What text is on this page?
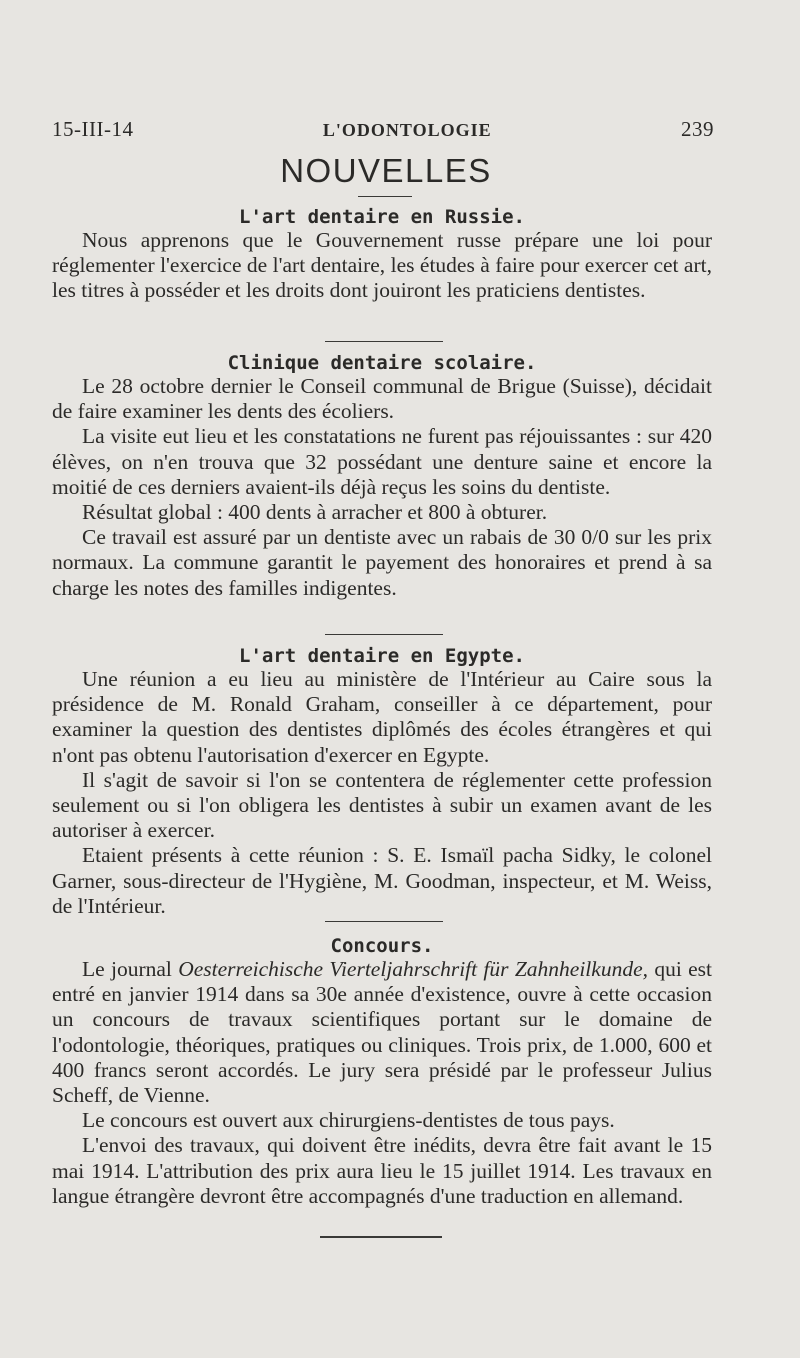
15-III-14	L'ODONTOLOGIE	239
NOUVELLES
L'art dentaire en Russie.

Nous apprenons que le Gouvernement russe prépare une loi pour réglementer l'exercice de l'art dentaire, les études à faire pour exercer cet art, les titres à posséder et les droits dont jouiront les praticiens dentistes.

Clinique dentaire scolaire.

Le 28 octobre dernier le Conseil communal de Brigue (Suisse), décidait de faire examiner les dents des écoliers.

La visite eut lieu et les constatations ne furent pas réjouissantes : sur 420 élèves, on n'en trouva que 32 possédant une denture saine et encore la moitié de ces derniers avaient-ils déjà reçus les soins du dentiste.

Résultat global : 400 dents à arracher et 800 à obturer.

Ce travail est assuré par un dentiste avec un rabais de 30 0/0 sur les prix normaux. La commune garantit le payement des honoraires et prend à sa charge les notes des familles indigentes.

L'art dentaire en Egypte.

Une réunion a eu lieu au ministère de l'Intérieur au Caire sous la présidence de M. Ronald Graham, conseiller à ce département, pour examiner la question des dentistes diplômés des écoles étrangères et qui n'ont pas obtenu l'autorisation d'exercer en Egypte.

Il s'agit de savoir si l'on se contentera de réglementer cette profession seulement ou si l'on obligera les dentistes à subir un examen avant de les autoriser à exercer.

Etaient présents à cette réunion : S. E. Ismaïl pacha Sidky, le colonel Garner, sous-directeur de l'Hygiène, M. Goodman, inspecteur, et M. Weiss, de l'Intérieur.

Concours.

Le journal Oesterreichische Vierteljahrschrift für Zahnheilkunde, qui est entré en janvier 1914 dans sa 30e année d'existence, ouvre à cette occasion un concours de travaux scientifiques portant sur le domaine de l'odontologie, théoriques, pratiques ou cliniques. Trois prix, de 1.000, 600 et 400 francs seront accordés. Le jury sera présidé par le professeur Julius Scheff, de Vienne.

Le concours est ouvert aux chirurgiens-dentistes de tous pays.

L'envoi des travaux, qui doivent être inédits, devra être fait avant le 15 mai 1914. L'attribution des prix aura lieu le 15 juillet 1914. Les travaux en langue étrangère devront être accompagnés d'une traduction en allemand.
